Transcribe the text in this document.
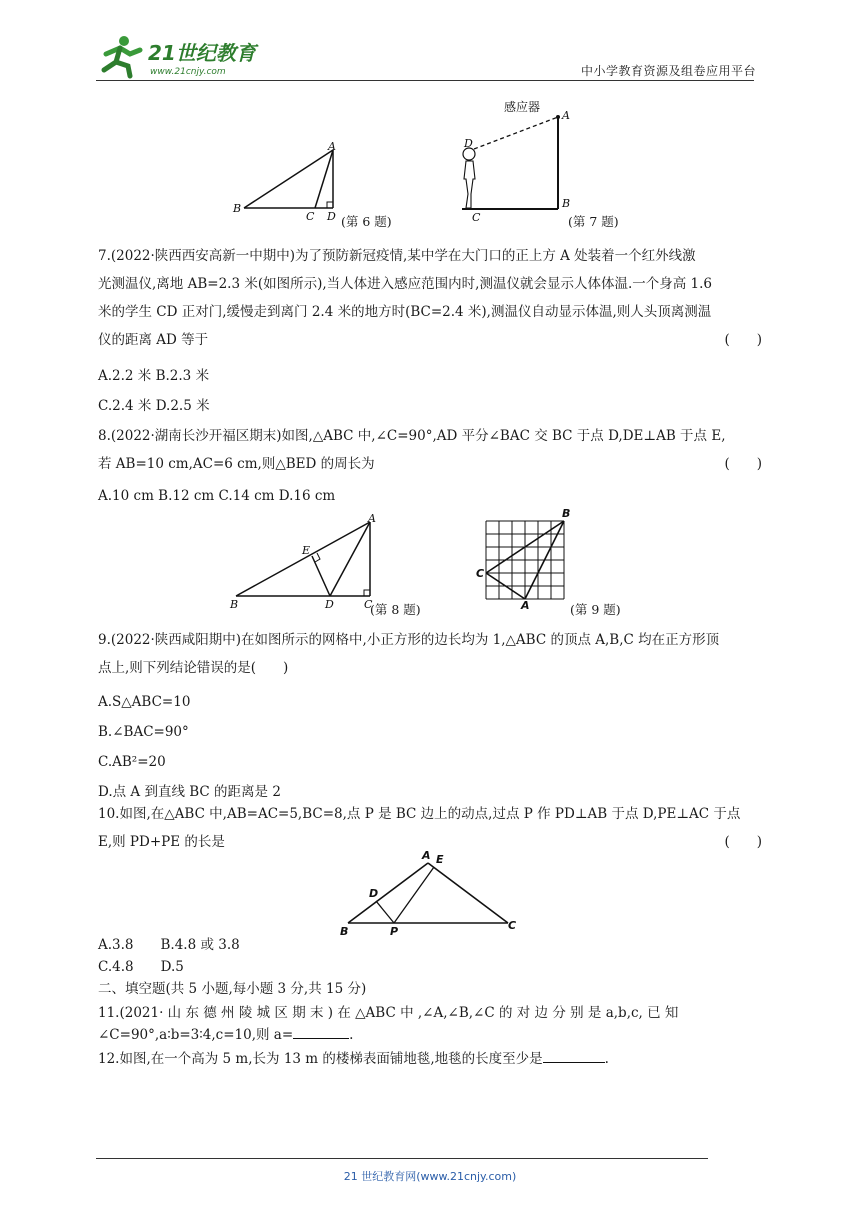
21世纪教育
www.21cnjy.com	中小学教育资源及组卷应用平台
A
B
C D (第 6 题)
D
A
B
C
感应器
(第 7 题)
7.(2022·陕西西安高新一中期中)为了预防新冠疫情,某中学在大门口的正上方 A 处装着一个红外线激
光测温仪,离地 AB=2.3 米(如图所示),当人体进入感应范围内时,测温仪就会显示人体体温.一个身高 1.6
米的学生 CD 正对门,缓慢走到离门 2.4 米的地方时(BC=2.4 米),测温仪自动显示体温,则人头顶离测温
仪的距离 AD 等于	(　　)
A.2.2 米 B.2.3 米
C.2.4 米 D.2.5 米
8.(2022·湖南长沙开福区期末)如图,△ABC 中,∠C=90°,AD 平分∠BAC 交 BC 于点 D,DE⊥AB 于点 E,
若 AB=10 cm,AC=6 cm,则△BED 的周长为	(　　)
A.10 cm B.12 cm C.14 cm D.16 cm
A
B	C
D
E
(第 8 题)
B
C
A	(第 9 题)
9.(2022·陕西咸阳期中)在如图所示的网格中,小正方形的边长均为 1,△ABC 的顶点 A,B,C 均在正方形顶
点上,则下列结论错误的是(　　)
A.S△ABC=10
B.∠BAC=90°
C.AB²=20
D.点 A 到直线 BC 的距离是 2
10.如图,在△ABC 中,AB=AC=5,BC=8,点 P 是 BC 边上的动点,过点 P 作 PD⊥AB 于点 D,PE⊥AC 于点
E,则 PD+PE 的长是	(　　)
A
B	C
D
E
P
A.3.8　　B.4.8 或 3.8
C.4.8　　D.5
二、填空题(共 5 小题,每小题 3 分,共 15 分)
11.(2021· 山 东 德 州 陵 城 区 期 末 ) 在 △ABC 中 ,∠A,∠B,∠C 的 对 边 分 别 是 a,b,c, 已 知
∠C=90°,a∶b=3∶4,c=10,则 a=	.
12.如图,在一个高为 5 m,长为 13 m 的楼梯表面铺地毯,地毯的长度至少是	.
21 世纪教育网(www.21cnjy.com)
